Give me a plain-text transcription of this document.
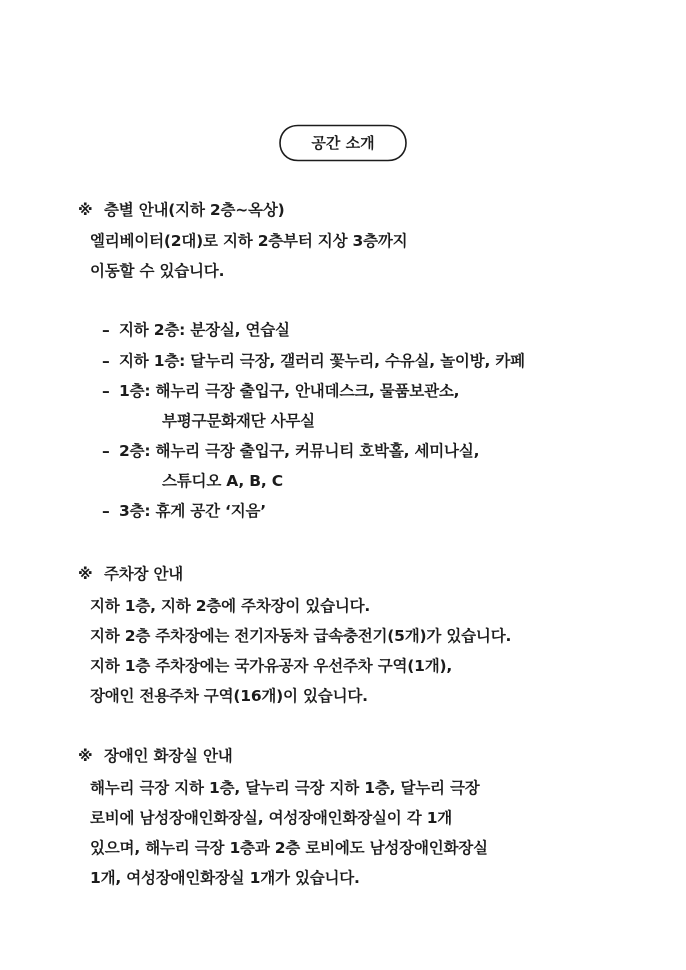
공간 소개
※ 층별 안내(지하 2층~옥상)
엘리베이터(2대)로 지하 2층부터 지상 3층까지
이동할 수 있습니다.
– 지하 2층: 분장실, 연습실
– 지하 1층: 달누리 극장, 갤러리 꽃누리, 수유실, 놀이방, 카페
– 1층: 해누리 극장 출입구, 안내데스크, 물품보관소,
부평구문화재단 사무실
– 2층: 해누리 극장 출입구, 커뮤니티 호박홀, 세미나실,
스튜디오 A, B, C
– 3층: 휴게 공간 ‘지음’
※ 주차장 안내
지하 1층, 지하 2층에 주차장이 있습니다.
지하 2층 주차장에는 전기자동차 급속충전기(5개)가 있습니다.
지하 1층 주차장에는 국가유공자 우선주차 구역(1개),
장애인 전용주차 구역(16개)이 있습니다.
※ 장애인 화장실 안내
해누리 극장 지하 1층, 달누리 극장 지하 1층, 달누리 극장
로비에 남성장애인화장실, 여성장애인화장실이 각 1개
있으며, 해누리 극장 1층과 2층 로비에도 남성장애인화장실
1개, 여성장애인화장실 1개가 있습니다.
